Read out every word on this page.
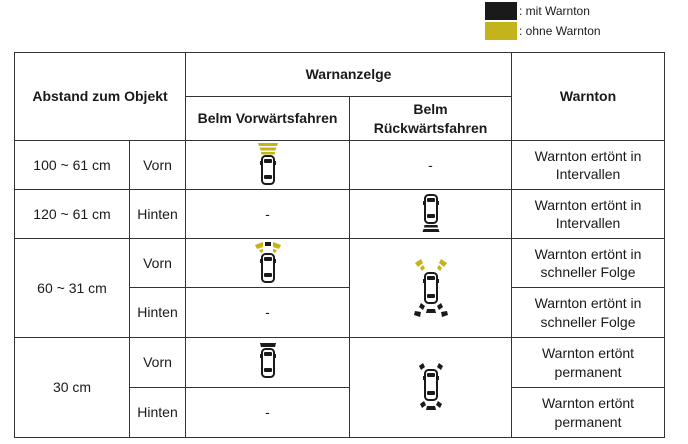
: mit Warnton
: ohne Warnton
Abstand zum Objekt		Warnanzelge		Warnton
		Belm Vorwärtsfahren	Belm Rückwärtsfahren	
100 ~ 61 cm	Vorn		-	Warnton ertönt in Intervallen
120 ~ 61 cm	Hinten	-		Warnton ertönt in Intervallen
60 ~ 31 cm	Vorn			Warnton ertönt in schneller Folge
	Hinten	-		Warnton ertönt in schneller Folge
30 cm	Vorn			Warnton ertönt permanent
	Hinten	-		Warnton ertönt permanent
